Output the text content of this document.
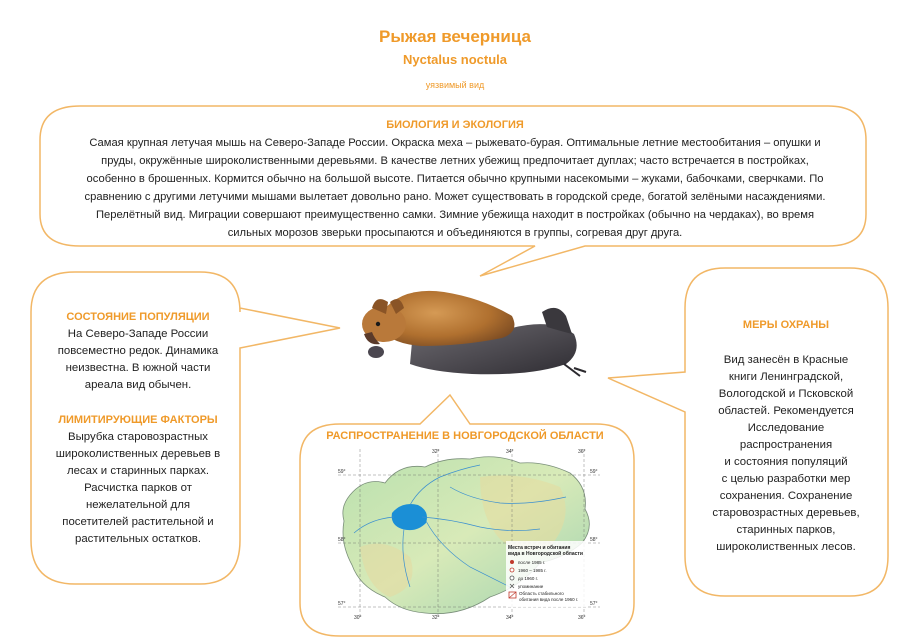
Рыжая вечерница
Nyctalus noctula
уязвимый вид
БИОЛОГИЯ И ЭКОЛОГИЯ

Самая крупная летучая мышь на Северо-Западе России. Окраска меха – рыжевато-бурая. Оптимальные летние местообитания – опушки и

пруды, окружённые широколиственными деревьями. В качестве летних убежищ предпочитает дуплах; часто встречается в постройках,

особенно в брошенных. Кормится обычно на большой высоте. Питается обычно крупными насекомыми – жуками, бабочками, сверчками. По

сравнению с другими летучими мышами вылетает довольно рано. Может существовать в городской среде, богатой зелёными насаждениями.

Перелётный вид. Миграции совершают преимущественно самки. Зимние убежища находит в постройках (обычно на чердаках), во время

сильных морозов зверьки просыпаются и объединяются в группы, согревая друг друга.

СОСТОЯНИЕ ПОПУЛЯЦИИ

На Северо-Западе России

повсеместно редок. Динамика

неизвестна. В южной части

ареала вид обычен.

ЛИМИТИРУЮЩИЕ ФАКТОРЫ

Вырубка старовозрастных

широколиственных деревьев в

лесах и старинных парках.

Расчистка парков от

нежелательной для

посетителей растительной и

растительных остатков.

МЕРЫ ОХРАНЫ

Вид занесён в Красные

книги Ленинградской,

Вологодской и Псковской

областей. Рекомендуется

Исследование

распространения

и состояния популяций

с целью разработки мер

сохранения. Сохранение

старовозрастных деревьев,

старинных парков,

широколиственных лесов.

РАСПРОСТРАНЕНИЕ В НОВГОРОДСКОЙ ОБЛАСТИ
59°
58°
57°
59°
58°
57°
30°	32°	34°	36°
32°	34°	36°
Места встреч и обитания
вида в Новгородской области
после 1985 г.
1960 – 1985 г.
до 1960 г.
упоминание
Область стабильного
обитания вида после 1960 г.
